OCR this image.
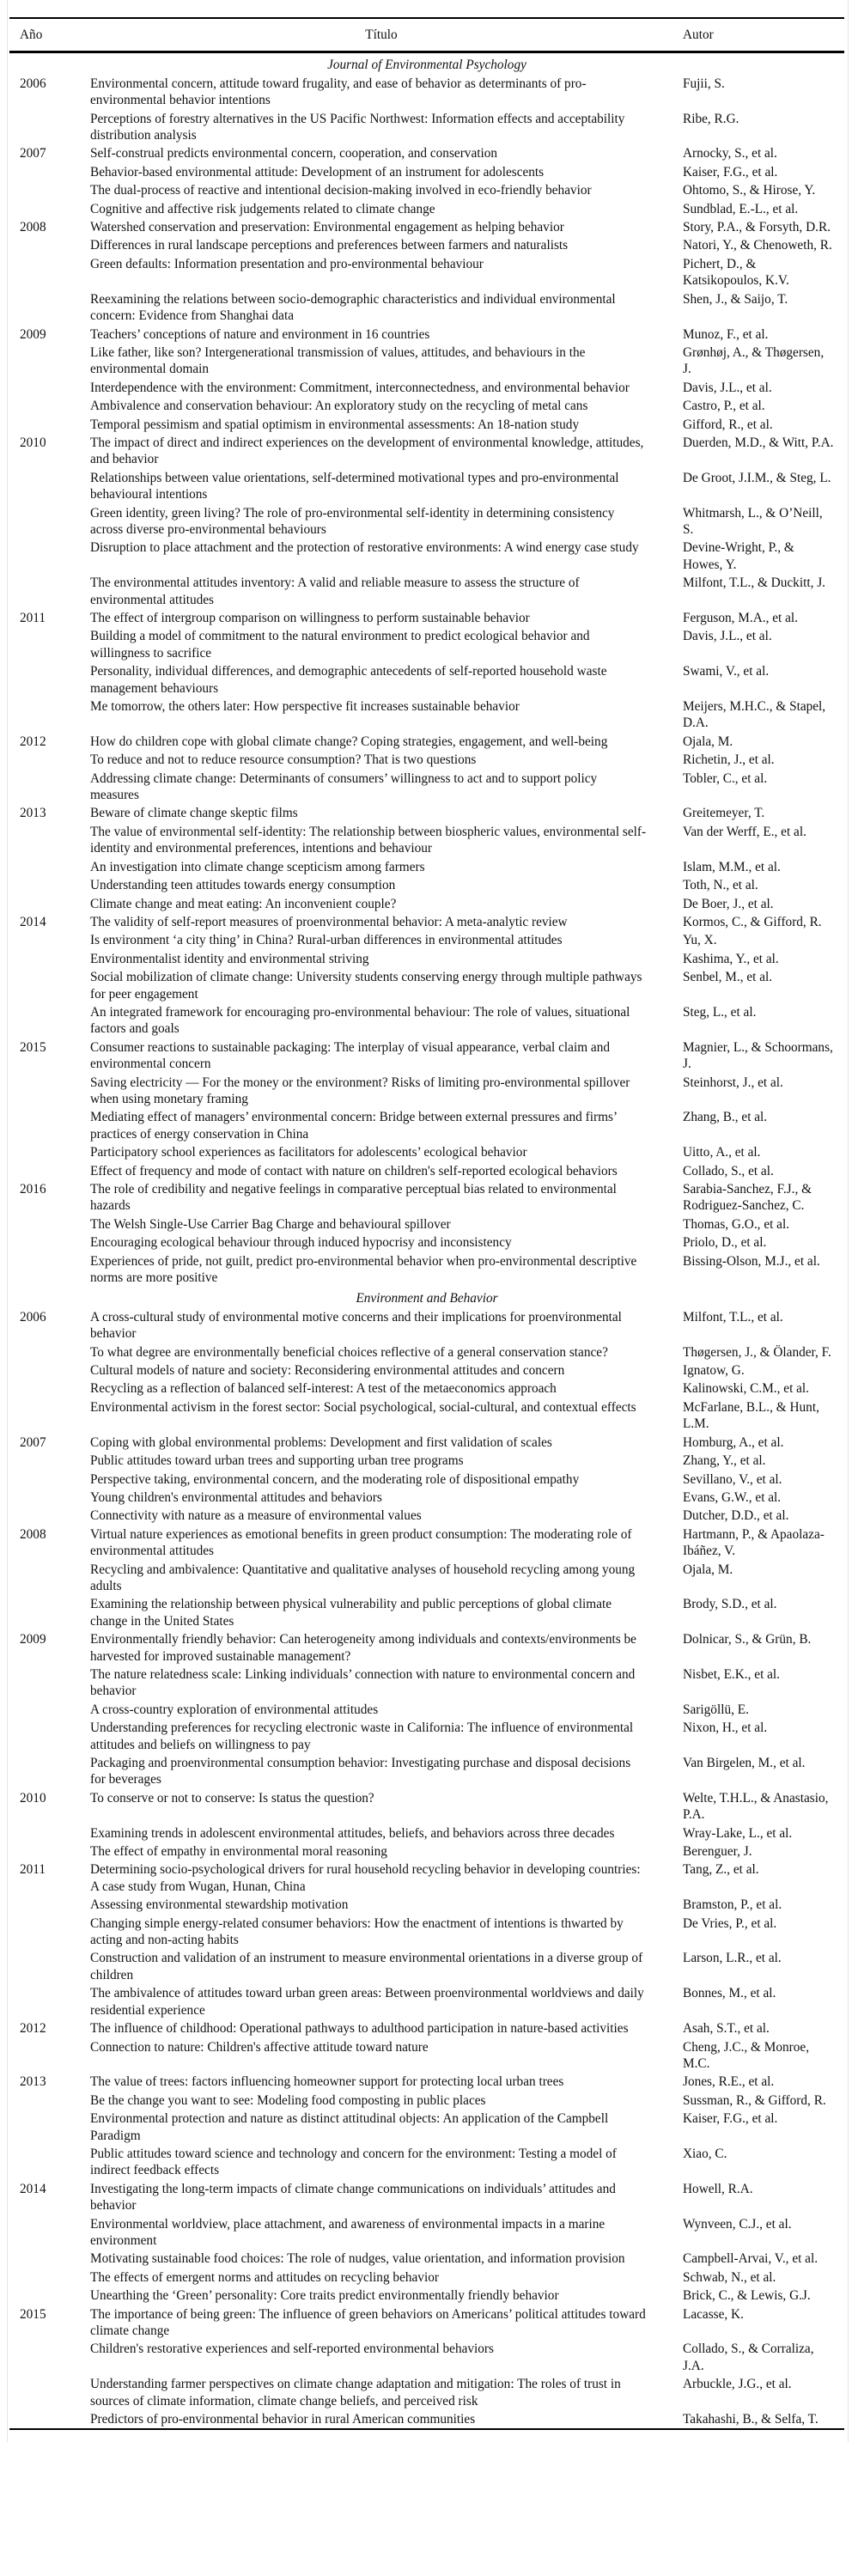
Año	Título	Autor
Journal of Environmental Psychology		
2006	Environmental concern, attitude toward frugality, and ease of behavior as determinants of pro-environmental behavior intentions	Fujii, S.
	Perceptions of forestry alternatives in the US Pacific Northwest: Information effects and acceptability distribution analysis	Ribe, R.G.
2007	Self-construal predicts environmental concern, cooperation, and conservation	Arnocky, S., et al.
	Behavior-based environmental attitude: Development of an instrument for adolescents	Kaiser, F.G., et al.
	The dual-process of reactive and intentional decision-making involved in eco-friendly behavior	Ohtomo, S., & Hirose, Y.
	Cognitive and affective risk judgements related to climate change	Sundblad, E.-L., et al.
2008	Watershed conservation and preservation: Environmental engagement as helping behavior	Story, P.A., & Forsyth, D.R.
	Differences in rural landscape perceptions and preferences between farmers and naturalists	Natori, Y., & Chenoweth, R.
	Green defaults: Information presentation and pro-environmental behaviour	Pichert, D., & Katsikopoulos, K.V.
	Reexamining the relations between socio-demographic characteristics and individual environmental concern: Evidence from Shanghai data	Shen, J., & Saijo, T.
2009	Teachers’ conceptions of nature and environment in 16 countries	Munoz, F., et al.
	Like father, like son? Intergenerational transmission of values, attitudes, and behaviours in the environmental domain	Grønhøj, A., & Thøgersen, J.
	Interdependence with the environment: Commitment, interconnectedness, and environmental behavior	Davis, J.L., et al.
	Ambivalence and conservation behaviour: An exploratory study on the recycling of metal cans	Castro, P., et al.
	Temporal pessimism and spatial optimism in environmental assessments: An 18-nation study	Gifford, R., et al.
2010	The impact of direct and indirect experiences on the development of environmental knowledge, attitudes, and behavior	Duerden, M.D., & Witt, P.A.
	Relationships between value orientations, self-determined motivational types and pro-environmental behavioural intentions	De Groot, J.I.M., & Steg, L.
	Green identity, green living? The role of pro-environmental self-identity in determining consistency across diverse pro-environmental behaviours	Whitmarsh, L., & O’Neill, S.
	Disruption to place attachment and the protection of restorative environments: A wind energy case study	Devine-Wright, P., & Howes, Y.
	The environmental attitudes inventory: A valid and reliable measure to assess the structure of environmental attitudes	Milfont, T.L., & Duckitt, J.
2011	The effect of intergroup comparison on willingness to perform sustainable behavior	Ferguson, M.A., et al.
	Building a model of commitment to the natural environment to predict ecological behavior and willingness to sacrifice	Davis, J.L., et al.
	Personality, individual differences, and demographic antecedents of self-reported household waste management behaviours	Swami, V., et al.
	Me tomorrow, the others later: How perspective fit increases sustainable behavior	Meijers, M.H.C., & Stapel, D.A.
2012	How do children cope with global climate change? Coping strategies, engagement, and well-being	Ojala, M.
	To reduce and not to reduce resource consumption? That is two questions	Richetin, J., et al.
	Addressing climate change: Determinants of consumers’ willingness to act and to support policy measures	Tobler, C., et al.
2013	Beware of climate change skeptic films	Greitemeyer, T.
	The value of environmental self-identity: The relationship between biospheric values, environmental self-identity and environmental preferences, intentions and behaviour	Van der Werff, E., et al.
	An investigation into climate change scepticism among farmers	Islam, M.M., et al.
	Understanding teen attitudes towards energy consumption	Toth, N., et al.
	Climate change and meat eating: An inconvenient couple?	De Boer, J., et al.
2014	The validity of self-report measures of proenvironmental behavior: A meta-analytic review	Kormos, C., & Gifford, R.
	Is environment ‘a city thing’ in China? Rural-urban differences in environmental attitudes	Yu, X.
	Environmentalist identity and environmental striving	Kashima, Y., et al.
	Social mobilization of climate change: University students conserving energy through multiple pathways for peer engagement	Senbel, M., et al.
	An integrated framework for encouraging pro-environmental behaviour: The role of values, situational factors and goals	Steg, L., et al.
2015	Consumer reactions to sustainable packaging: The interplay of visual appearance, verbal claim and environmental concern	Magnier, L., & Schoormans, J.
	Saving electricity — For the money or the environment? Risks of limiting pro-environmental spillover when using monetary framing	Steinhorst, J., et al.
	Mediating effect of managers’ environmental concern: Bridge between external pressures and firms’ practices of energy conservation in China	Zhang, B., et al.
	Participatory school experiences as facilitators for adolescents’ ecological behavior	Uitto, A., et al.
	Effect of frequency and mode of contact with nature on children's self-reported ecological behaviors	Collado, S., et al.
2016	The role of credibility and negative feelings in comparative perceptual bias related to environmental hazards	Sarabia-Sanchez, F.J., & Rodriguez-Sanchez, C.
	The Welsh Single-Use Carrier Bag Charge and behavioural spillover	Thomas, G.O., et al.
	Encouraging ecological behaviour through induced hypocrisy and inconsistency	Priolo, D., et al.
	Experiences of pride, not guilt, predict pro-environmental behavior when pro-environmental descriptive norms are more positive	Bissing-Olson, M.J., et al.
Environment and Behavior		
2006	A cross-cultural study of environmental motive concerns and their implications for proenvironmental behavior	Milfont, T.L., et al.
	To what degree are environmentally beneficial choices reflective of a general conservation stance?	Thøgersen, J., & Ölander, F.
	Cultural models of nature and society: Reconsidering environmental attitudes and concern	Ignatow, G.
	Recycling as a reflection of balanced self-interest: A test of the metaeconomics approach	Kalinowski, C.M., et al.
	Environmental activism in the forest sector: Social psychological, social-cultural, and contextual effects	McFarlane, B.L., & Hunt, L.M.
2007	Coping with global environmental problems: Development and first validation of scales	Homburg, A., et al.
	Public attitudes toward urban trees and supporting urban tree programs	Zhang, Y., et al.
	Perspective taking, environmental concern, and the moderating role of dispositional empathy	Sevillano, V., et al.
	Young children's environmental attitudes and behaviors	Evans, G.W., et al.
	Connectivity with nature as a measure of environmental values	Dutcher, D.D., et al.
2008	Virtual nature experiences as emotional benefits in green product consumption: The moderating role of environmental attitudes	Hartmann, P., & Apaolaza-Ibáñez, V.
	Recycling and ambivalence: Quantitative and qualitative analyses of household recycling among young adults	Ojala, M.
	Examining the relationship between physical vulnerability and public perceptions of global climate change in the United States	Brody, S.D., et al.
2009	Environmentally friendly behavior: Can heterogeneity among individuals and contexts/environments be harvested for improved sustainable management?	Dolnicar, S., & Grün, B.
	The nature relatedness scale: Linking individuals’ connection with nature to environmental concern and behavior	Nisbet, E.K., et al.
	A cross-country exploration of environmental attitudes	Sarigöllü, E.
	Understanding preferences for recycling electronic waste in California: The influence of environmental attitudes and beliefs on willingness to pay	Nixon, H., et al.
	Packaging and proenvironmental consumption behavior: Investigating purchase and disposal decisions for beverages	Van Birgelen, M., et al.
2010	To conserve or not to conserve: Is status the question?	Welte, T.H.L., & Anastasio, P.A.
	Examining trends in adolescent environmental attitudes, beliefs, and behaviors across three decades	Wray-Lake, L., et al.
	The effect of empathy in environmental moral reasoning	Berenguer, J.
2011	Determining socio-psychological drivers for rural household recycling behavior in developing countries: A case study from Wugan, Hunan, China	Tang, Z., et al.
	Assessing environmental stewardship motivation	Bramston, P., et al.
	Changing simple energy-related consumer behaviors: How the enactment of intentions is thwarted by acting and non-acting habits	De Vries, P., et al.
	Construction and validation of an instrument to measure environmental orientations in a diverse group of children	Larson, L.R., et al.
	The ambivalence of attitudes toward urban green areas: Between proenvironmental worldviews and daily residential experience	Bonnes, M., et al.
2012	The influence of childhood: Operational pathways to adulthood participation in nature-based activities	Asah, S.T., et al.
	Connection to nature: Children's affective attitude toward nature	Cheng, J.C., & Monroe, M.C.
2013	The value of trees: factors influencing homeowner support for protecting local urban trees	Jones, R.E., et al.
	Be the change you want to see: Modeling food composting in public places	Sussman, R., & Gifford, R.
	Environmental protection and nature as distinct attitudinal objects: An application of the Campbell Paradigm	Kaiser, F.G., et al.
	Public attitudes toward science and technology and concern for the environment: Testing a model of indirect feedback effects	Xiao, C.
2014	Investigating the long-term impacts of climate change communications on individuals’ attitudes and behavior	Howell, R.A.
	Environmental worldview, place attachment, and awareness of environmental impacts in a marine environment	Wynveen, C.J., et al.
	Motivating sustainable food choices: The role of nudges, value orientation, and information provision	Campbell-Arvai, V., et al.
	The effects of emergent norms and attitudes on recycling behavior	Schwab, N., et al.
	Unearthing the ‘Green’ personality: Core traits predict environmentally friendly behavior	Brick, C., & Lewis, G.J.
2015	The importance of being green: The influence of green behaviors on Americans’ political attitudes toward climate change	Lacasse, K.
	Children's restorative experiences and self-reported environmental behaviors	Collado, S., & Corraliza, J.A.
	Understanding farmer perspectives on climate change adaptation and mitigation: The roles of trust in sources of climate information, climate change beliefs, and perceived risk	Arbuckle, J.G., et al.
	Predictors of pro-environmental behavior in rural American communities	Takahashi, B., & Selfa, T.
